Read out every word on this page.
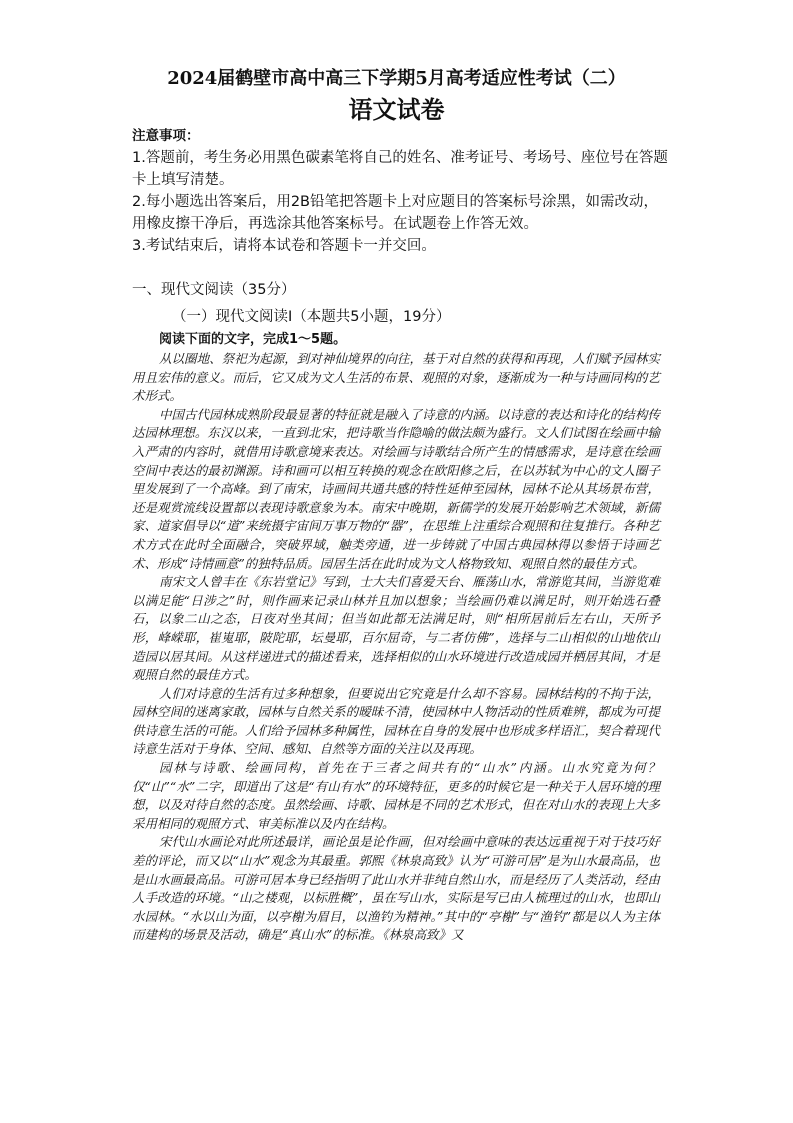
2024届鹤壁市高中高三下学期5月高考适应性考试（二）
语文试卷

注意事项：

1.答题前，考生务必用黑色碳素笔将自己的姓名、准考证号、考场号、座位号在答题卡上填写清楚。

2.每小题选出答案后，用2B铅笔把答题卡上对应题目的答案标号涂黑，如需改动，用橡皮擦干净后，再选涂其他答案标号。在试题卷上作答无效。

3.考试结束后，请将本试卷和答题卡一并交回。

一、现代文阅读（35分）
（一）现代文阅读Ⅰ（本题共5小题，19分）
阅读下面的文字，完成1～5题。

从以圈地、祭祀为起源，到对神仙境界的向往，基于对自然的获得和再现，人们赋予园林实用且宏伟的意义。而后，它又成为文人生活的布景、观照的对象，逐渐成为一种与诗画同构的艺术形式。

中国古代园林成熟阶段最显著的特征就是融入了诗意的内涵。以诗意的表达和诗化的结构传达园林理想。东汉以来，一直到北宋，把诗歌当作隐喻的做法颇为盛行。文人们试图在绘画中输入严肃的内容时，就借用诗歌意境来表达。对绘画与诗歌结合所产生的情感需求，是诗意在绘画空间中表达的最初渊源。诗和画可以相互转换的观念在欧阳修之后，在以苏轼为中心的文人圈子里发展到了一个高峰。到了南宋，诗画间共通共感的特性延伸至园林，园林不论从其场景布营，还是观赏流线设置都以表现诗歌意象为本。南宋中晚期，新儒学的发展开始影响艺术领域，新儒家、道家倡导以“道”来统摄宇宙间万事万物的“器”，在思维上注重综合观照和往复推行。各种艺术方式在此时全面融合，突破界域，触类旁通，进一步铸就了中国古典园林得以参悟于诗画艺术、形成“诗情画意”的独特品质。园居生活在此时成为文人格物致知、观照自然的最佳方式。

南宋文人曾丰在《东岩堂记》写到，士大夫们喜爱天台、雁荡山水，常游览其间，当游览难以满足能“日涉之”时，则作画来记录山林并且加以想象；当绘画仍难以满足时，则开始选石叠石，以象二山之态，日夜对坐其间；但当如此都无法满足时，则“相所居前后左右山，天所予形，峰嵘耶，崔嵬耶，陂陀耶，坛曼耶，百尔屈奇，与二者仿佛”，选择与二山相似的山地依山造园以居其间。从这样递进式的描述看来，选择相似的山水环境进行改造成园并栖居其间，才是观照自然的最佳方式。

人们对诗意的生活有过多种想象，但要说出它究竟是什么却不容易。园林结构的不拘于法，园林空间的迷离家敢，园林与自然关系的暧昧不清，使园林中人物活动的性质难辨，都成为可提供诗意生活的可能。人们给予园林多种属性，园林在自身的发展中也形成多样语汇，契合着现代诗意生活对于身体、空间、感知、自然等方面的关注以及再现。

园林与诗歌、绘画同构，首先在于三者之间共有的“山水”内涵。山水究竟为何？仅“山”“水”二字，即道出了这是“有山有水”的环境特征，更多的时候它是一种关于人居环境的理想，以及对待自然的态度。虽然绘画、诗歌、园林是不同的艺术形式，但在对山水的表现上大多采用相同的观照方式、审美标准以及内在结构。

宋代山水画论对此所述最详，画论虽是论作画，但对绘画中意味的表达远重视于对于技巧好差的评论，而又以“山水”观念为其最重。郭熙《林泉高致》认为“可游可居”是为山水最高品，也是山水画最高品。可游可居本身已经指明了此山水并非纯自然山水，而是经历了人类活动，经由人手改造的环境。“山之楼观，以标胜概”，虽在写山水，实际是写已由人梳理过的山水，也即山水园林。“水以山为面，以亭榭为眉目，以渔钓为精神。”其中的“亭榭”与“渔钓”都是以人为主体而建构的场景及活动，确是“真山水”的标准。《林泉高致》又
